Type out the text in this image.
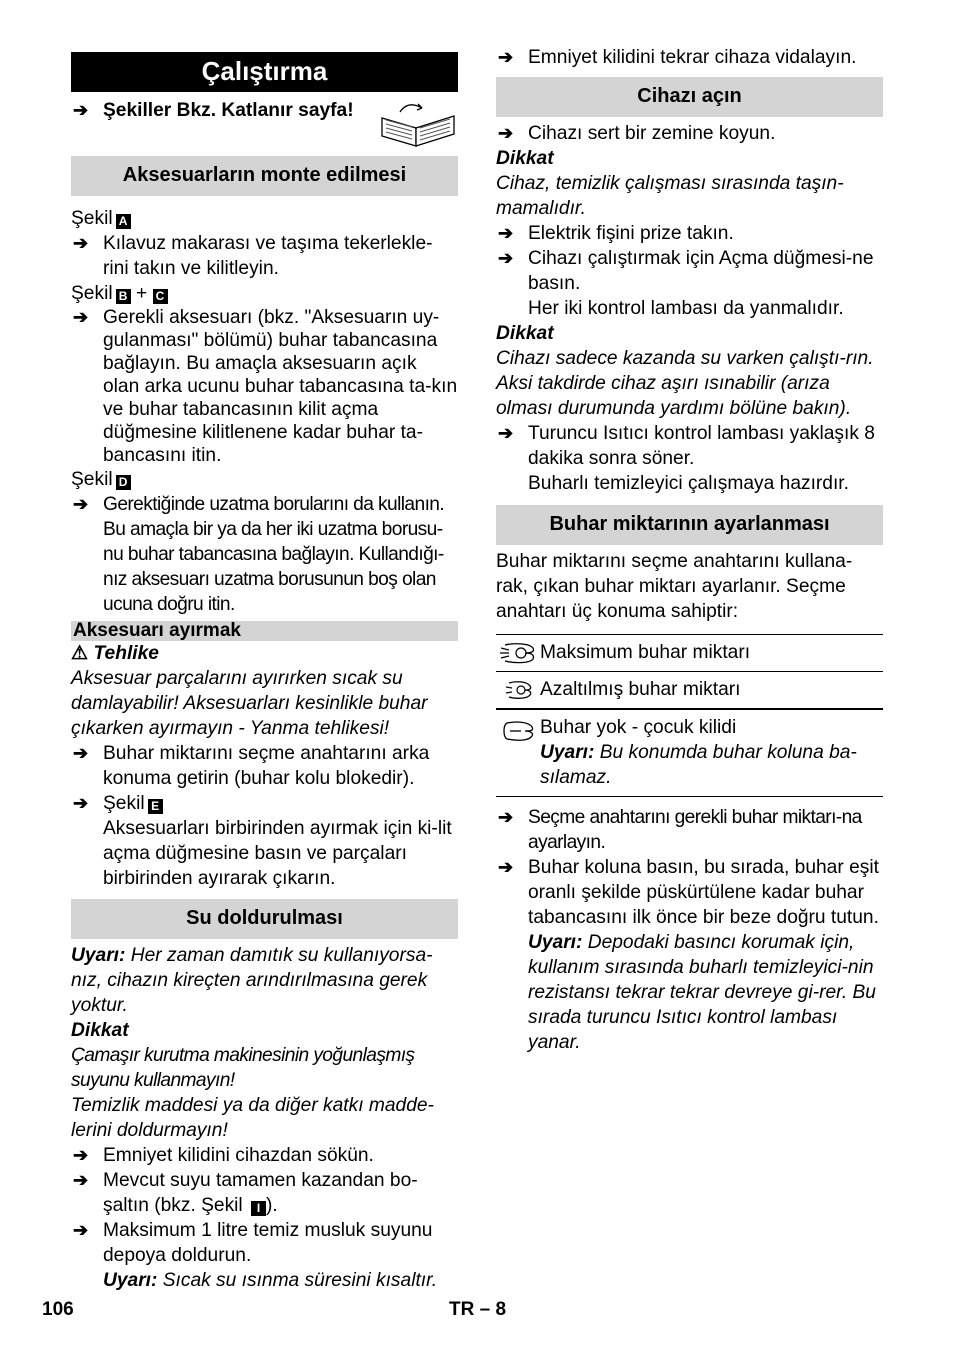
Çalıştırma
➔ Şekiller Bkz. Katlanır sayfa!
Aksesuarların monte edilmesi
Şekil A
➔ Kılavuz makarası ve taşıma tekerlekle-rini takın ve kilitleyin.
Şekil B + C
➔ Gerekli aksesuarı (bkz. "Aksesuarın uy-gulanması" bölümü) buhar tabancasına bağlayın. Bu amaçla aksesuarın açık olan arka ucunu buhar tabancasına ta-kın ve buhar tabancasının kilit açma düğmesine kilitlenene kadar buhar ta-bancasını itin.
Şekil D
➔ Gerektiğinde uzatma borularını da kullanın. Bu amaçla bir ya da her iki uzatma borusu-nu buhar tabancasına bağlayın. Kullandığı-nız aksesuarı uzatma borusunun boş olan ucuna doğru itin.
Aksesuarı ayırmak
⚠ Tehlike
Aksesuar parçalarını ayırırken sıcak su damlayabilir! Aksesuarları kesinlikle buhar çıkarken ayırmayın - Yanma tehlikesi!
➔ Buhar miktarını seçme anahtarını arka konuma getirin (buhar kolu blokedir).
➔ Şekil E
Aksesuarları birbirinden ayırmak için ki-lit açma düğmesine basın ve parçaları birbirinden ayırarak çıkarın.
Su doldurulması
Uyarı: Her zaman damıtık su kullanıyorsa-nız, cihazın kireçten arındırılmasına gerek yoktur.
Dikkat
Çamaşır kurutma makinesinin yoğunlaşmış suyunu kullanmayın!
Temizlik maddesi ya da diğer katkı madde-lerini doldurmayın!
➔ Emniyet kilidini cihazdan sökün.
➔ Mevcut suyu tamamen kazandan bo-şaltın (bkz. Şekil I ).
➔ Maksimum 1 litre temiz musluk suyunu depoya doldurun.
Uyarı: Sıcak su ısınma süresini kısaltır.
➔ Emniyet kilidini tekrar cihaza vidalayın.
Cihazı açın
➔ Cihazı sert bir zemine koyun.
Dikkat
Cihaz, temizlik çalışması sırasında taşın-mamalıdır.
➔ Elektrik fişini prize takın.
➔ Cihazı çalıştırmak için Açma düğmesi-ne basın.
Her iki kontrol lambası da yanmalıdır.
Dikkat
Cihazı sadece kazanda su varken çalıştı-rın. Aksi takdirde cihaz aşırı ısınabilir (arıza olması durumunda yardımı bölüne bakın).
➔ Turuncu Isıtıcı kontrol lambası yaklaşık 8 dakika sonra söner.
Buharlı temizleyici çalışmaya hazırdır.
Buhar miktarının ayarlanması
Buhar miktarını seçme anahtarını kullana-rak, çıkan buhar miktarı ayarlanır. Seçme anahtarı üç konuma sahiptir:
Maksimum buhar miktarı
Azaltılmış buhar miktarı
Buhar yok - çocuk kilidi
Uyarı: Bu konumda buhar koluna ba-sılamaz.
➔ Seçme anahtarını gerekli buhar miktarı-na ayarlayın.
➔ Buhar koluna basın, bu sırada, buhar eşit oranlı şekilde püskürtülene kadar buhar tabancasını ilk önce bir beze doğru tutun.
Uyarı: Depodaki basıncı korumak için, kullanım sırasında buharlı temizleyici-nin rezistansı tekrar tekrar devreye gi-rer. Bu sırada turuncu Isıtıcı kontrol lambası yanar.
106	TR – 8
